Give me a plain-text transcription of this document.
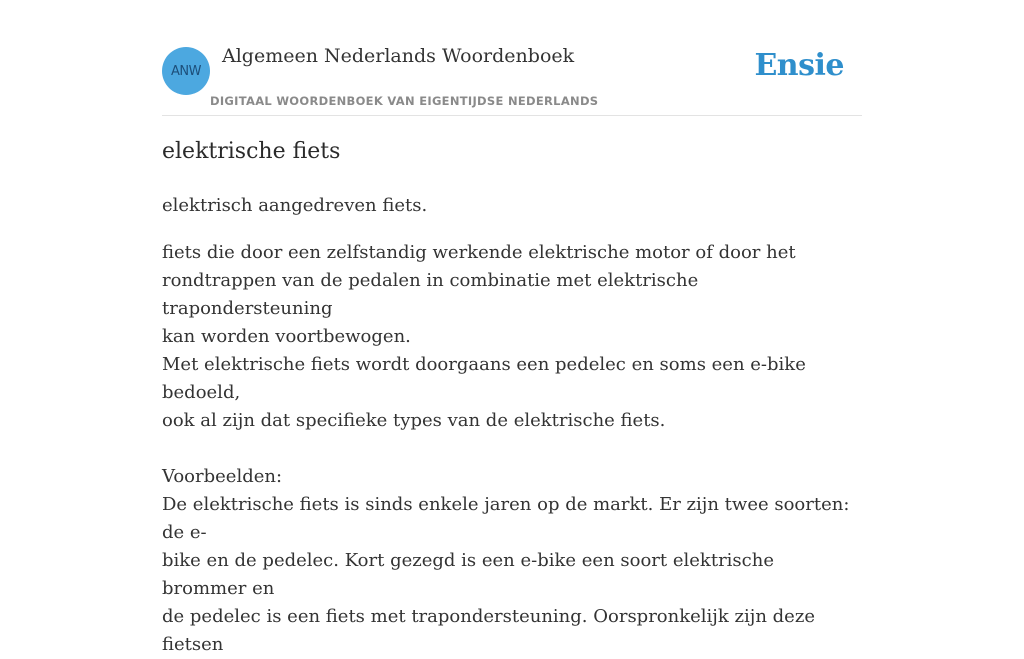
ANW
Algemeen Nederlands Woordenboek
DIGITAAL WOORDENBOEK VAN EIGENTIJDSE NEDERLANDS
Ensie
elektrische fiets
elektrisch aangedreven fiets.

fiets die door een zelfstandig werkende elektrische motor of door het

rondtrappen van de pedalen in combinatie met elektrische trapondersteuning

kan worden voortbewogen.

Met elektrische fiets wordt doorgaans een pedelec en soms een e-bike bedoeld,

ook al zijn dat specifieke types van de elektrische fiets.

Voorbeelden:

De elektrische fiets is sinds enkele jaren op de markt. Er zijn twee soorten: de e-

bike en de pedelec. Kort gezegd is een e-bike een soort elektrische brommer en

de pedelec is een fiets met trapondersteuning. Oorspronkelijk zijn deze fietsen
